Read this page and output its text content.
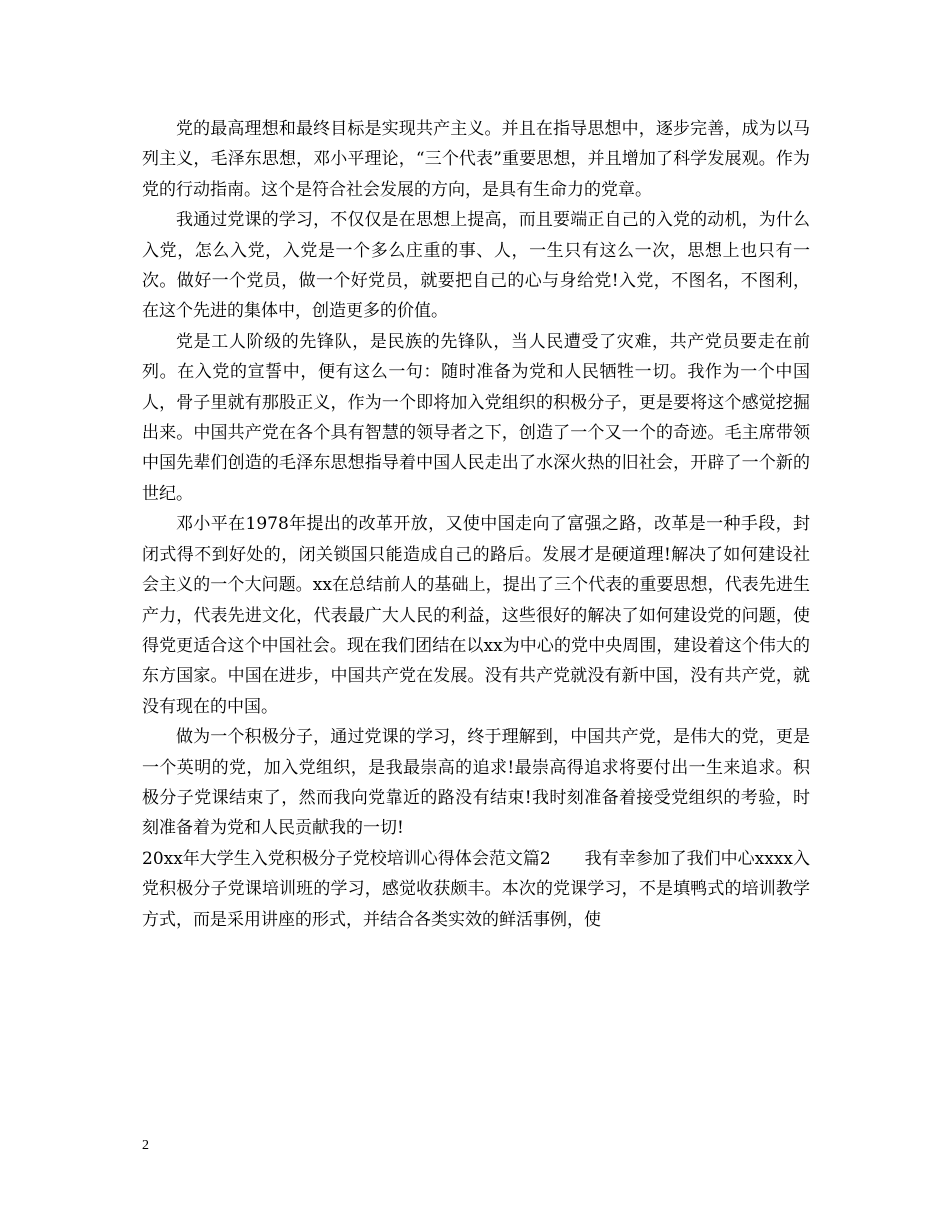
党的最高理想和最终目标是实现共产主义。并且在指导思想中，逐步完善，成为以马列主义，毛泽东思想，邓小平理论，“三个代表”重要思想，并且增加了科学发展观。作为党的行动指南。这个是符合社会发展的方向，是具有生命力的党章。

我通过党课的学习，不仅仅是在思想上提高，而且要端正自己的入党的动机，为什么入党，怎么入党，入党是一个多么庄重的事、人，一生只有这么一次，思想上也只有一次。做好一个党员，做一个好党员，就要把自己的心与身给党!入党，不图名，不图利，在这个先进的集体中，创造更多的价值。

党是工人阶级的先锋队，是民族的先锋队，当人民遭受了灾难，共产党员要走在前列。在入党的宣誓中，便有这么一句：随时准备为党和人民牺牲一切。我作为一个中国人，骨子里就有那股正义，作为一个即将加入党组织的积极分子，更是要将这个感觉挖掘出来。中国共产党在各个具有智慧的领导者之下，创造了一个又一个的奇迹。毛主席带领中国先辈们创造的毛泽东思想指导着中国人民走出了水深火热的旧社会，开辟了一个新的世纪。

邓小平在1978年提出的改革开放，又使中国走向了富强之路，改革是一种手段，封闭式得不到好处的，闭关锁国只能造成自己的路后。发展才是硬道理!解决了如何建设社会主义的一个大问题。xx在总结前人的基础上，提出了三个代表的重要思想，代表先进生产力，代表先进文化，代表最广大人民的利益，这些很好的解决了如何建设党的问题，使得党更适合这个中国社会。现在我们团结在以xx为中心的党中央周围，建设着这个伟大的东方国家。中国在进步，中国共产党在发展。没有共产党就没有新中国，没有共产党，就没有现在的中国。

做为一个积极分子，通过党课的学习，终于理解到，中国共产党，是伟大的党，更是一个英明的党，加入党组织，是我最崇高的追求!最崇高得追求将要付出一生来追求。积极分子党课结束了，然而我向党靠近的路没有结束!我时刻准备着接受党组织的考验，时刻准备着为党和人民贡献我的一切!

20xx年大学生入党积极分子党校培训心得体会范文篇2　　我有幸参加了我们中心xxxx入党积极分子党课培训班的学习，感觉收获颇丰。本次的党课学习，不是填鸭式的培训教学方式，而是采用讲座的形式，并结合各类实效的鲜活事例，使

2
